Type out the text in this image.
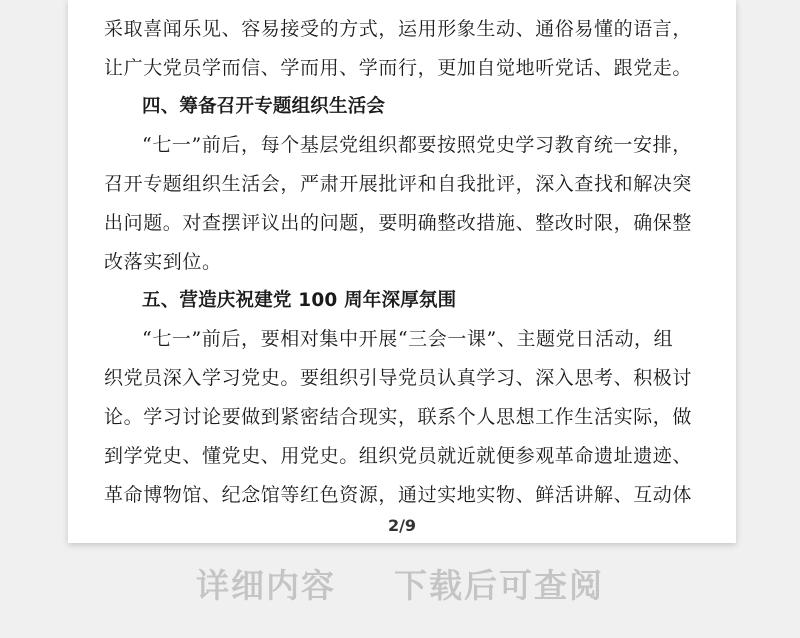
采取喜闻乐见、容易接受的方式，运用形象生动、通俗易懂的语言，
让广大党员学而信、学而用、学而行，更加自觉地听党话、跟党走。
四、筹备召开专题组织生活会
“七一”前后，每个基层党组织都要按照党史学习教育统一安排，
召开专题组织生活会，严肃开展批评和自我批评，深入查找和解决突
出问题。对查摆评议出的问题，要明确整改措施、整改时限，确保整
改落实到位。
五、营造庆祝建党 100 周年深厚氛围
“七一”前后，要相对集中开展“三会一课”、主题党日活动，组
织党员深入学习党史。要组织引导党员认真学习、深入思考、积极讨
论。学习讨论要做到紧密结合现实，联系个人思想工作生活实际，做
到学党史、懂党史、用党史。组织党员就近就便参观革命遗址遗迹、
革命博物馆、纪念馆等红色资源，通过实地实物、鲜活讲解、互动体
2/9
详细内容 下载后可查阅
